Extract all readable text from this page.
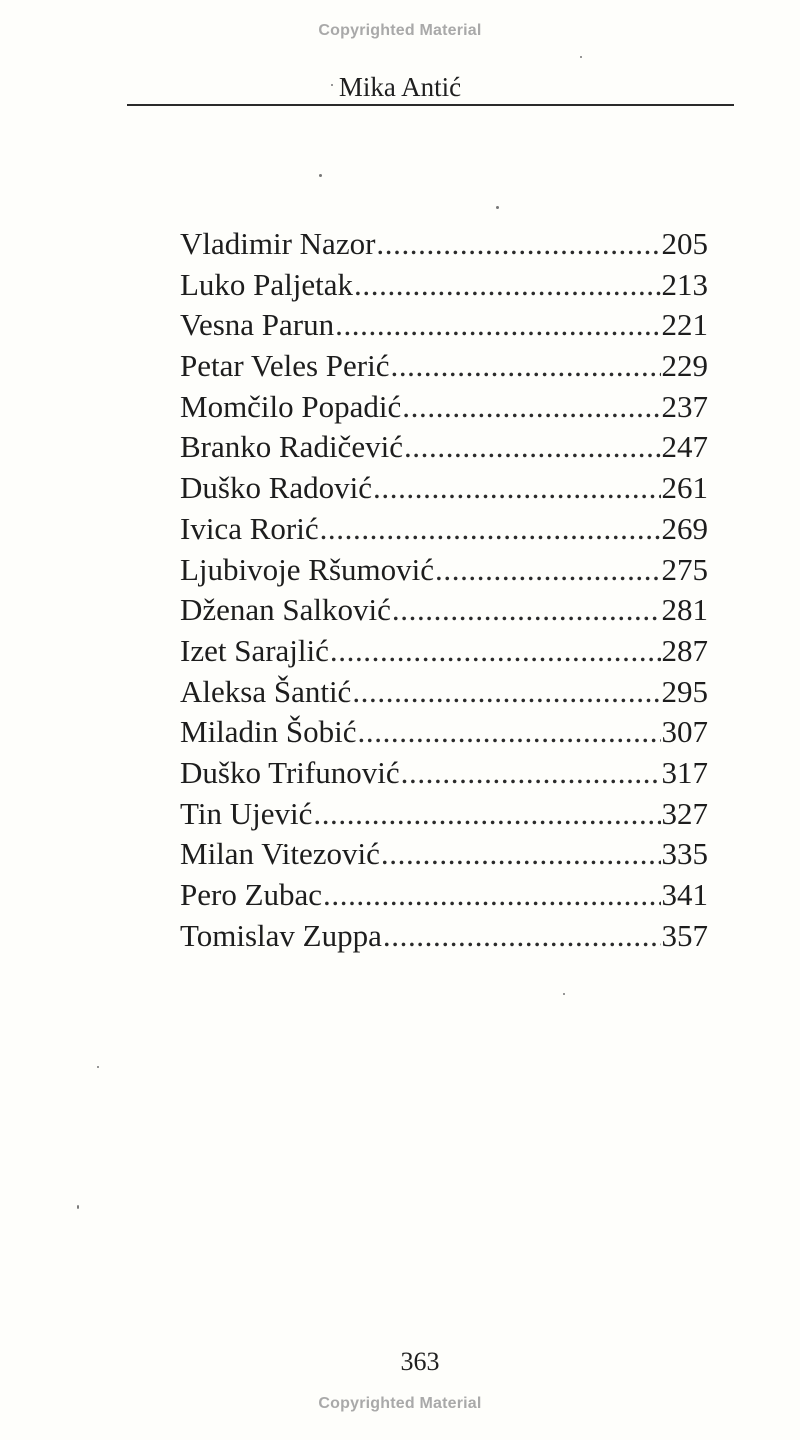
Copyrighted Material
Mika Antić
Vladimir Nazor .....	205
Luko Paljetak .....	213
Vesna Parun .....	221
Petar Veles Perić .....	229
Momčilo Popadić .....	237
Branko Radičević .....	247
Duško Radović .....	261
Ivica Rorić .....	269
Ljubivoje Ršumović .....	275
Dženan Salković .....	281
Izet Sarajlić .....	287
Aleksa Šantić .....	295
Miladin Šobić .....	307
Duško Trifunović .....	317
Tin Ujević .....	327
Milan Vitezović .....	335
Pero Zubac .....	341
Tomislav Zuppa .....	357
363
Copyrighted Material
